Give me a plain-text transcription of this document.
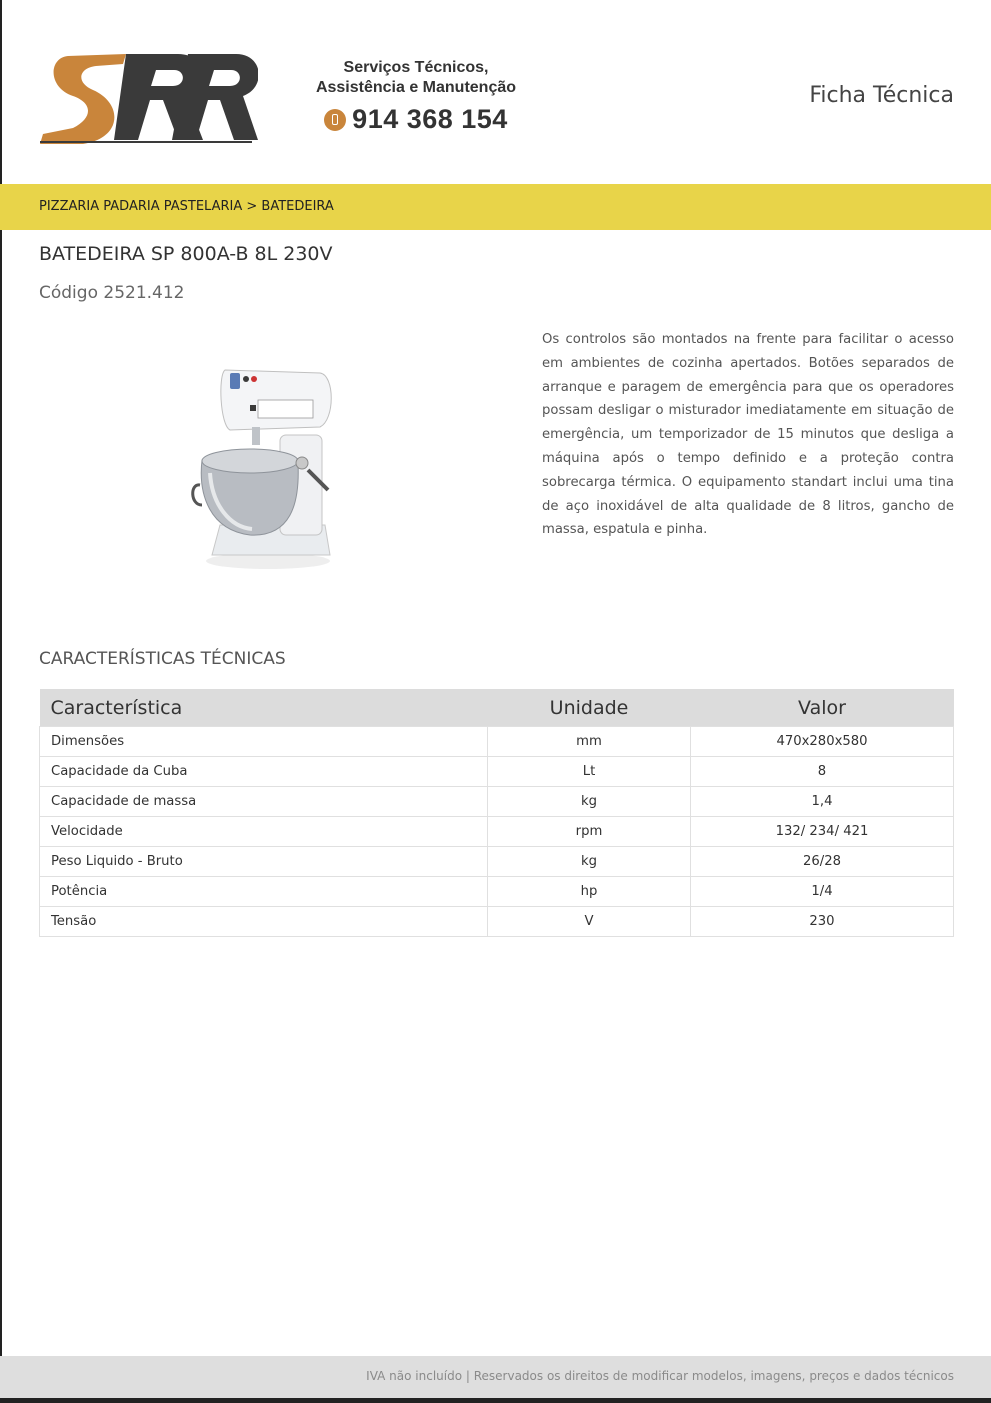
Serviços Técnicos,
Assistência e Manutenção
914 368 154
Ficha Técnica
PIZZARIA PADARIA PASTELARIA > BATEDEIRA
BATEDEIRA SP 800A-B 8L 230V
Código 2521.412
Os controlos são montados na frente para facilitar o acesso em ambientes de cozinha apertados. Botões separados de arranque e paragem de emergência para que os operadores possam desligar o misturador imediatamente em situação de emergência, um temporizador de 15 minutos que desliga a máquina após o tempo definido e a proteção contra sobrecarga térmica. O equipamento standart inclui uma tina de aço inoxidável de alta qualidade de 8 litros, gancho de massa, espatula e pinha.
CARACTERÍSTICAS TÉCNICAS
Característica	Unidade	Valor
Dimensões	mm	470x280x580
Capacidade da Cuba	Lt	8
Capacidade de massa	kg	1,4
Velocidade	rpm	132/ 234/ 421
Peso Liquido - Bruto	kg	26/28
Potência	hp	1/4
Tensão	V	230
IVA não incluído | Reservados os direitos de modificar modelos, imagens, preços e dados técnicos
